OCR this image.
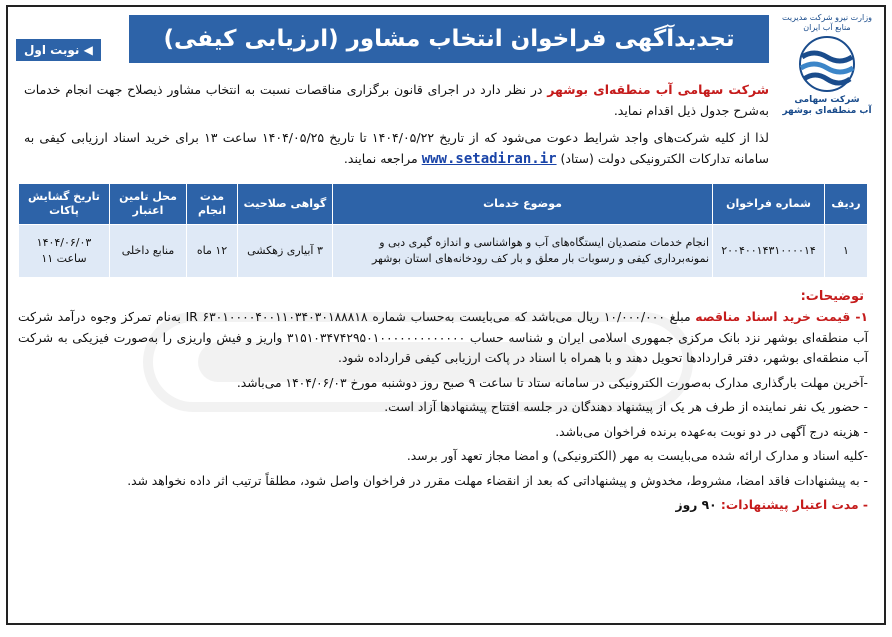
وزارت نیرو شرکت مدیریت منابع آب ایران
شرکت سهامی
آب منطقه‌ای بوشهر
تجدیدآگهی فراخوان انتخاب مشاور (ارزیابی کیفی)
◀

نوبت اول
شرکت سهامی آب منطقه‌ای بوشهر در نظر دارد در اجرای قانون برگزاری مناقصات نسبت به انتخاب مشاور ذیصلاح جهت انجام خدمات به‌شرح جدول ذیل اقدام نماید.
لذا از کلیه شرکت‌های واجد شرایط دعوت می‌شود که از تاریخ ۱۴۰۴/۰۵/۲۲ تا تاریخ ۱۴۰۴/۰۵/۲۵ ساعت ۱۳ برای خرید اسناد ارزیابی کیفی به سامانه تدارکات الکترونیکی دولت (ستاد) www.setadiran.ir مراجعه نمایند.
ردیف	شماره فراخوان	موضوع خدمات	گواهی صلاحیت	مدت انجام	محل تامین اعتبار	تاریخ گشایش پاکات
۱	۲۰۰۴۰۰۱۴۳۱۰۰۰۰۱۴	انجام خدمات متصدیان ایستگاه‌های آب و هواشناسی و اندازه گیری دبی و نمونه‌برداری کیفی و رسوبات بار معلق و بار کف رودخانه‌های استان بوشهر	۳ آبیاری زهکشی	۱۲ ماه	منابع داخلی	۱۴۰۴/۰۶/۰۳ ساعت ۱۱
توضیحات:

۱- قیمت خرید اسناد مناقصه مبلغ ۱۰/۰۰۰/۰۰۰ ریال می‌باشد که می‌بایست به‌حساب شماره IR ۶۳۰۱۰۰۰۰۴۰۰۱۱۰۳۴۰۳۰۱۸۸۸۱۸ به‌نام تمرکز وجوه درآمد شرکت آب منطقه‌ای بوشهر نزد بانک مرکزی جمهوری اسلامی ایران و شناسه حساب ۳۱۵۱۰۳۴۷۴۲۹۵۰۱۰۰۰۰۰۰۰۰۰۰۰۰۰ واریز و فیش واریزی را به‌صورت فیزیکی به شرکت آب منطقه‌ای بوشهر، دفتر قراردادها تحویل دهند و با همراه با اسناد در پاکت ارزیابی کیفی قرارداده شود.

-آخرین مهلت بارگذاری مدارک به‌صورت الکترونیکی در سامانه ستاد تا ساعت ۹ صبح روز دوشنبه مورخ ۱۴۰۴/۰۶/۰۳ می‌باشد.

- حضور یک نفر نماینده از طرف هر یک از پیشنهاد دهندگان در جلسه افتتاح پیشنهادها آزاد است.

- هزینه درج آگهی در دو نوبت به‌عهده برنده فراخوان می‌باشد.

-کلیه اسناد و مدارک ارائه شده می‌بایست به مهر (الکترونیکی) و امضا مجاز تعهد آور برسد.

- به پیشنهادات فاقد امضا، مشروط، مخدوش و پیشنهاداتی که بعد از انقضاء مهلت مقرر در فراخوان واصل شود، مطلقاً ترتیب اثر داده نخواهد شد.

- مدت اعتبار پیشنهادات: ۹۰ روز
